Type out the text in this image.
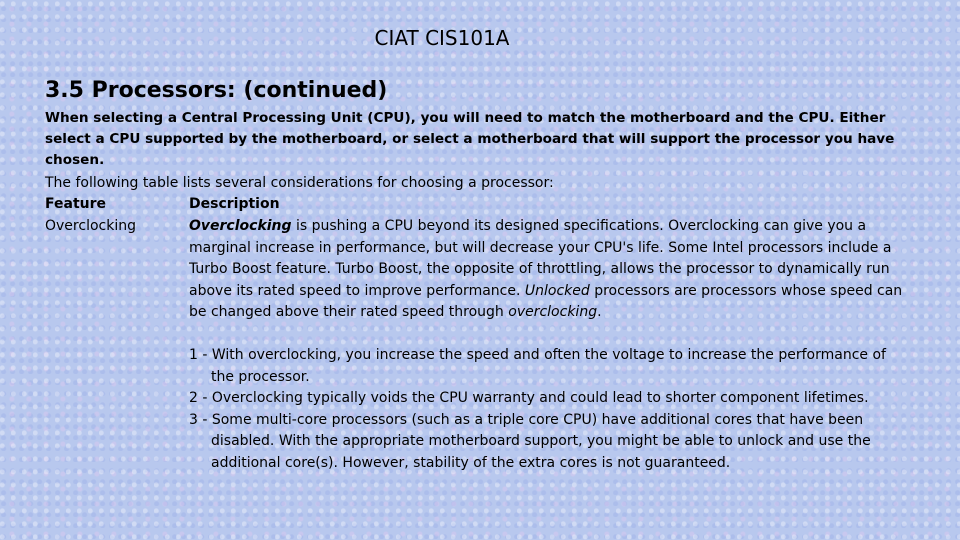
CIAT CIS101A
3.5 Processors: (continued)

When selecting a Central Processing Unit (CPU), you will need to match the motherboard and the CPU. Either select a CPU supported by the motherboard, or select a motherboard that will support the processor you have chosen.

The following table lists several considerations for choosing a processor:

Feature	Description
Overclocking	Overclocking is pushing a CPU beyond its designed specifications. Overclocking can give you a marginal increase in performance, but will decrease your CPU's life. Some Intel processors include a Turbo Boost feature. Turbo Boost, the opposite of throttling, allows the processor to dynamically run above its rated speed to improve performance. Unlocked processors are processors whose speed can be changed above their rated speed through overclocking.

1 - With overclocking, you increase the speed and often the voltage to increase the performance of the processor.
2 - Overclocking typically voids the CPU warranty and could lead to shorter component lifetimes.
3 - Some multi-core processors (such as a triple core CPU) have additional cores that have been disabled. With the appropriate motherboard support, you might be able to unlock and use the additional core(s). However, stability of the extra cores is not guaranteed.
